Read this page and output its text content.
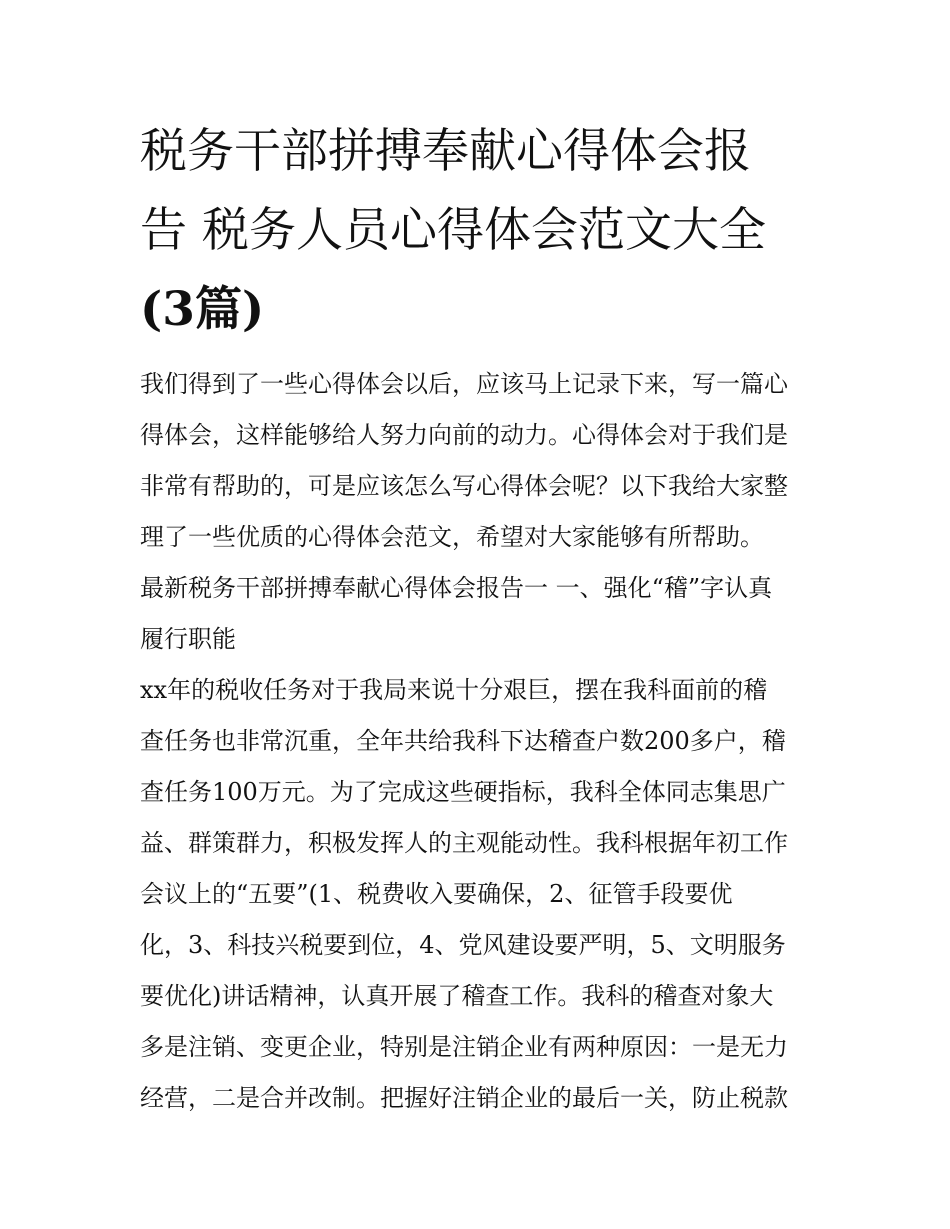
税务干部拼搏奉献心得体会报
告 税务人员心得体会范文大全
(3篇)
我们得到了一些心得体会以后，应该马上记录下来，写一篇心
得体会，这样能够给人努力向前的动力。心得体会对于我们是
非常有帮助的，可是应该怎么写心得体会呢？以下我给大家整
理了一些优质的心得体会范文，希望对大家能够有所帮助。
最新税务干部拼搏奉献心得体会报告一 一、强化“稽”字认真
履行职能
xx年的税收任务对于我局来说十分艰巨，摆在我科面前的稽
查任务也非常沉重，全年共给我科下达稽查户数200多户，稽
查任务100万元。为了完成这些硬指标，我科全体同志集思广
益、群策群力，积极发挥人的主观能动性。我科根据年初工作
会议上的“五要”(1、税费收入要确保，2、征管手段要优
化，3、科技兴税要到位，4、党风建设要严明，5、文明服务
要优化)讲话精神，认真开展了稽查工作。我科的稽查对象大
多是注销、变更企业，特别是注销企业有两种原因：一是无力
经营，二是合并改制。把握好注销企业的最后一关，防止税款
